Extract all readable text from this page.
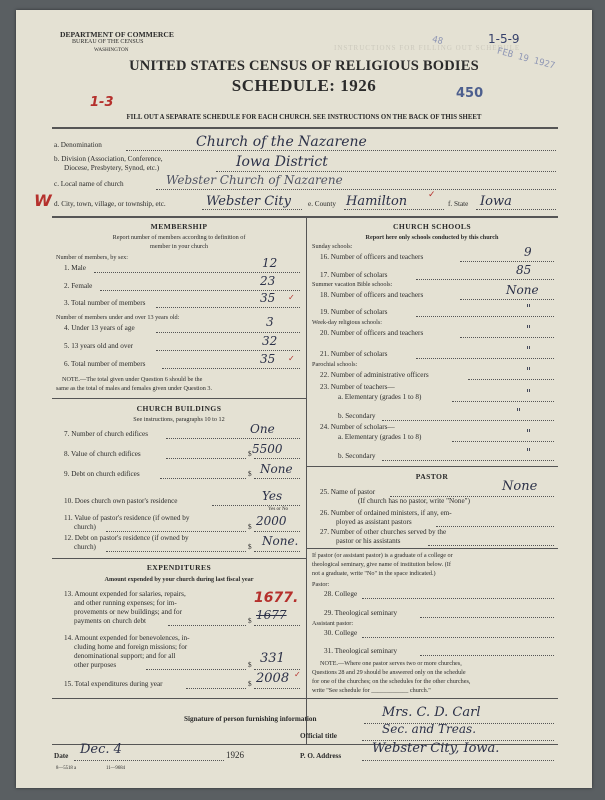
INSTRUCTIONS FOR FILLING OUT SCHEDULE
DEPARTMENT OF COMMERCE
BUREAU OF THE CENSUS
WASHINGTON
UNITED STATES CENSUS OF RELIGIOUS BODIES
SCHEDULE: 1926
1-5-9
48
FEB 19 1927
450
1-3
FILL OUT A SEPARATE SCHEDULE FOR EACH CHURCH. SEE INSTRUCTIONS ON THE BACK OF THIS SHEET
a. Denomination	Church of the Nazarene
b. Division (Association, Conference,
Diocese, Presbytery, Synod, etc.)	Iowa District
c. Local name of church	Webster Church of Nazarene
W d. City, town, village, or township, etc.	Webster City e. County Hamilton ✓
f. State Iowa
MEMBERSHIP
Report number of members according to definition of
member in your church
Number of members, by sex:
1. Male	12
2. Female	23
3. Total number of members	35 ✓
Number of members under and over 13 years old:
4. Under 13 years of age	3
5. 13 years old and over	32
6. Total number of members	35 ✓
NOTE.—The total given under Question 6 should be the
same as the total of males and females given under Question 3.
CHURCH BUILDINGS
See instructions, paragraphs 10 to 12
7. Number of church edifices	One
8. Value of church edifices	$ 5500
9. Debt on church edifices	$ None
10. Does church own pastor's residence	Yes
Yes or No
11. Value of pastor's residence (if owned by
church)	$ 2000
12. Debt on pastor's residence (if owned by
church)	$ None.
EXPENDITURES
Amount expended by your church during last fiscal year
13. Amount expended for salaries, repairs,
and other running expenses; for im-
provements or new buildings; and for
payments on church debt	$
1677.
1677
14. Amount expended for benevolences, in-
cluding home and foreign missions; for
denominational support; and for all
other purposes	$ 331
15. Total expenditures during year	$ 2008 ✓
CHURCH SCHOOLS
Report here only schools conducted by this church
Sunday schools:
16. Number of officers and teachers	9
17. Number of scholars	85
Summer vacation Bible schools:
18. Number of officers and teachers	None
19. Number of scholars	"
Week-day religious schools:
20. Number of officers and teachers	"
21. Number of scholars	"
Parochial schools:
22. Number of administrative officers	"
23. Number of teachers—
a. Elementary (grades 1 to 8)	"
b. Secondary	"
24. Number of scholars—
a. Elementary (grades 1 to 8)	"
b. Secondary	"
PASTOR
25. Name of pastor	None
(If church has no pastor, write "None")
26. Number of ordained ministers, if any, em-
ployed as assistant pastors
27. Number of other churches served by the
pastor or his assistants
If pastor (or assistant pastor) is a graduate of a college or
theological seminary, give name of institution below. (If
not a graduate, write "No" in the space indicated.)
Pastor:
28. College
29. Theological seminary
Assistant pastor:
30. College
31. Theological seminary
NOTE.—Where one pastor serves two or more churches,
Questions 28 and 29 should be answered only on the schedule
for one of the churches; on the schedules for the other churches,
write "See schedule for ____________ church."
Signature of person furnishing information	Mrs. C. D. Carl
Official title	Sec. and Treas.
Date Dec. 4	1926	P. O. Address Webster City, Iowa.
8—5518 a	11—9684
